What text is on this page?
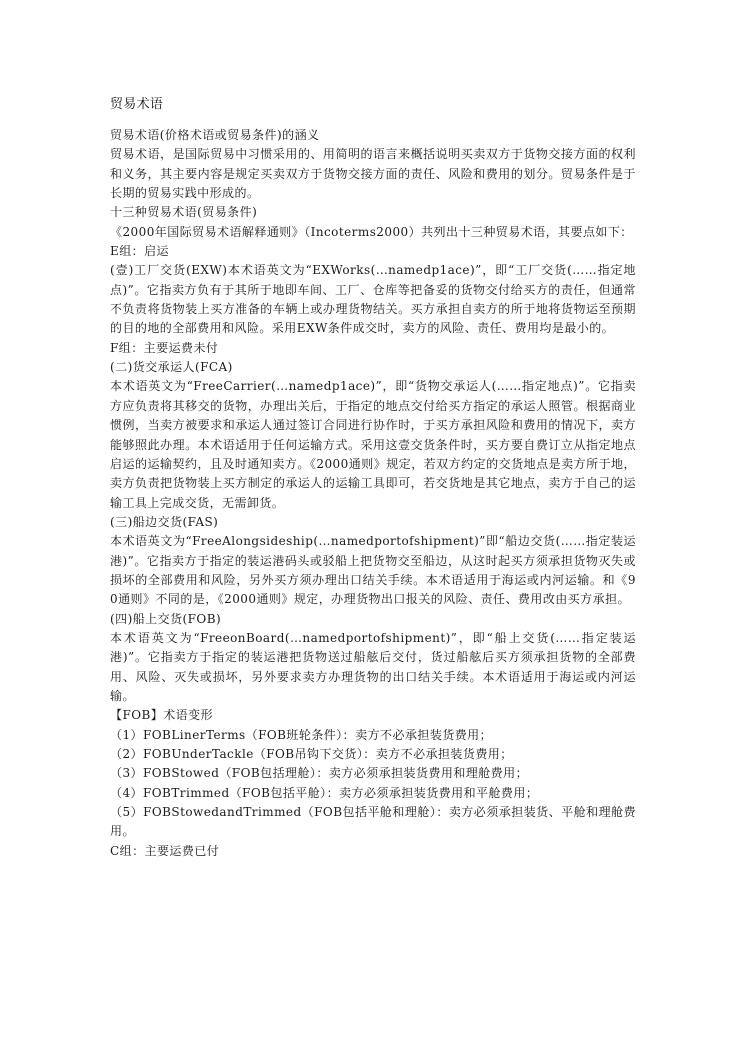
贸易术语

贸易术语(价格术语或贸易条件)的涵义

贸易术语，是国际贸易中习惯采用的、用简明的语言来概括说明买卖双方于货物交接方面的权利和义务，其主要内容是规定买卖双方于货物交接方面的责任、风险和费用的划分。贸易条件是于长期的贸易实践中形成的。

十三种贸易术语(贸易条件)

《2000年国际贸易术语解释通则》（Incoterms2000）共列出十三种贸易术语，其要点如下：

E组：启运

(壹)工厂交货(EXW)本术语英文为“EXWorks(…namedp1ace)”，即“工厂交货(……指定地点)”。它指卖方负有于其所于地即车间、工厂、仓库等把备妥的货物交付给买方的责任，但通常不负责将货物装上买方准备的车辆上或办理货物结关。买方承担自卖方的所于地将货物运至预期的目的地的全部费用和风险。采用EXW条件成交时，卖方的风险、责任、费用均是最小的。

F组：主要运费未付

(二)货交承运人(FCA)

本术语英文为“FreeCarrier(…namedp1ace)”，即“货物交承运人(……指定地点)”。它指卖方应负责将其移交的货物，办理出关后，于指定的地点交付给买方指定的承运人照管。根据商业惯例，当卖方被要求和承运人通过签订合同进行协作时，于买方承担风险和费用的情况下，卖方能够照此办理。本术语适用于任何运输方式。采用这壹交货条件时，买方要自费订立从指定地点启运的运输契约，且及时通知卖方。《2000通则》规定，若双方约定的交货地点是卖方所于地，卖方负责把货物装上买方制定的承运人的运输工具即可，若交货地是其它地点，卖方于自己的运输工具上完成交货，无需卸货。

(三)船边交货(FAS)

本术语英文为“FreeAlongsideship(…namedportofshipment)”即“船边交货(……指定装运港)”。它指卖方于指定的装运港码头或驳船上把货物交至船边，从这时起买方须承担货物灭失或损坏的全部费用和风险，另外买方须办理出口结关手续。本术语适用于海运或内河运输。和《90通则》不同的是，《2000通则》规定，办理货物出口报关的风险、责任、费用改由买方承担。

(四)船上交货(FOB)

本术语英文为“FreeonBoard(…namedportofshipment)”，即“船上交货(……指定装运港)”。它指卖方于指定的装运港把货物送过船舷后交付，货过船舷后买方须承担货物的全部费用、风险、灭失或损坏，另外要求卖方办理货物的出口结关手续。本术语适用于海运或内河运输。

【FOB】术语变形

（1）FOBLinerTerms（FOB班轮条件）：卖方不必承担装货费用；

（2）FOBUnderTackle（FOB吊钩下交货）：卖方不必承担装货费用；

（3）FOBStowed（FOB包括理舱）：卖方必须承担装货费用和理舱费用；

（4）FOBTrimmed（FOB包括平舱）：卖方必须承担装货费用和平舱费用；

（5）FOBStowedandTrimmed（FOB包括平舱和理舱）：卖方必须承担装货、平舱和理舱费用。

C组：主要运费已付
